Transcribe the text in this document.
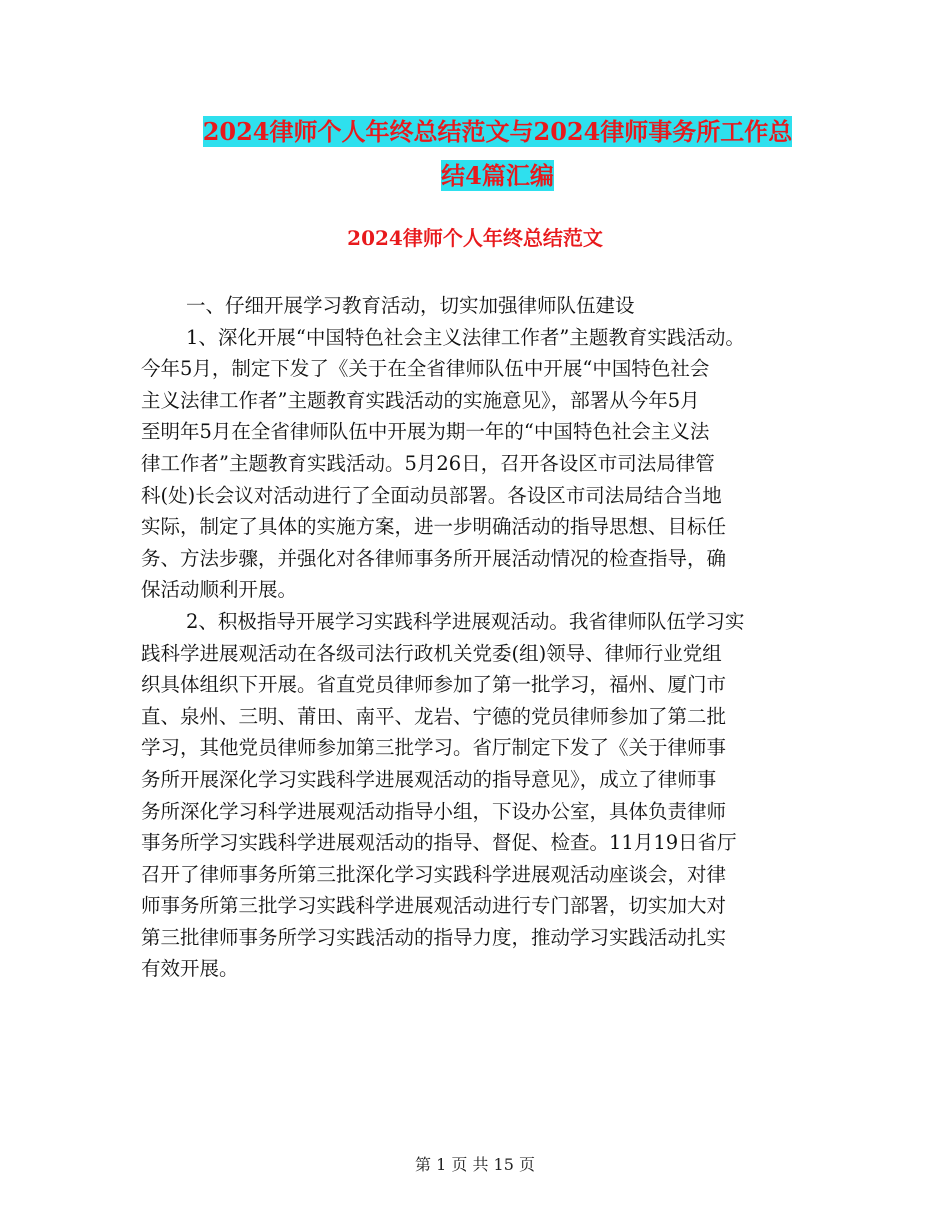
2024律师个人年终总结范文与2024律师事务所工作总
结4篇汇编
2024律师个人年终总结范文
一、仔细开展学习教育活动，切实加强律师队伍建设
1、深化开展“中国特色社会主义法律工作者”主题教育实践活动。
今年5月，制定下发了《关于在全省律师队伍中开展“中国特色社会
主义法律工作者”主题教育实践活动的实施意见》，部署从今年5月
至明年5月在全省律师队伍中开展为期一年的“中国特色社会主义法
律工作者”主题教育实践活动。5月26日，召开各设区市司法局律管
科(处)长会议对活动进行了全面动员部署。各设区市司法局结合当地
实际，制定了具体的实施方案，进一步明确活动的指导思想、目标任
务、方法步骤，并强化对各律师事务所开展活动情况的检查指导，确
保活动顺利开展。
2、积极指导开展学习实践科学进展观活动。我省律师队伍学习实
践科学进展观活动在各级司法行政机关党委(组)领导、律师行业党组
织具体组织下开展。省直党员律师参加了第一批学习，福州、厦门市
直、泉州、三明、莆田、南平、龙岩、宁德的党员律师参加了第二批
学习，其他党员律师参加第三批学习。省厅制定下发了《关于律师事
务所开展深化学习实践科学进展观活动的指导意见》，成立了律师事
务所深化学习科学进展观活动指导小组，下设办公室，具体负责律师
事务所学习实践科学进展观活动的指导、督促、检查。11月19日省厅
召开了律师事务所第三批深化学习实践科学进展观活动座谈会，对律
师事务所第三批学习实践科学进展观活动进行专门部署，切实加大对
第三批律师事务所学习实践活动的指导力度，推动学习实践活动扎实
有效开展。
第 1 页 共 15 页
